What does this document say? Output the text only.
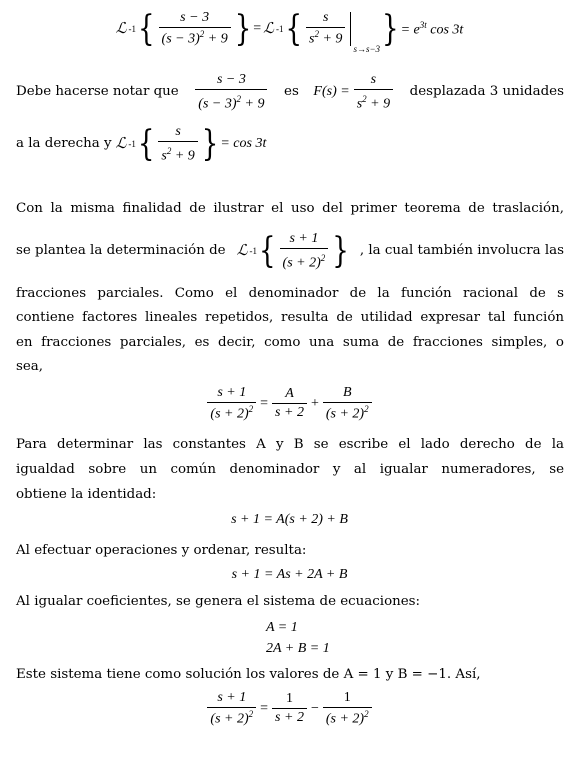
ℒ -1 { $\frac{s - 3}{(s - 3)^2 + 9}$ } = ℒ -1 { $\frac{s}{s^2 + 9}$
$_{s\to s-3}$ } = $e^{3t}$ cos 3t
Debe hacerse notar que $\frac{s - 3}{(s - 3)^2 + 9}$ es $F(s) = \frac{s}{s^2 + 9}$ desplazada 3 unidades
a la derecha y ℒ -1 { $\frac{s}{s^2 + 9}$ } = cos 3t
Con la misma finalidad de ilustrar el uso del primer teorema de traslación,
se plantea la determinación de ℒ -1 { $\frac{s + 1}{(s + 2)^2}$ } , la cual también involucra las
fracciones parciales. Como el denominador de la función racional de s
contiene factores lineales repetidos, resulta de utilidad expresar tal función
en fracciones parciales, es decir, como una suma de fracciones simples, o
sea,
$\frac{s + 1}{(s + 2)^2} = \frac{A}{s + 2} + \frac{B}{(s + 2)^2}$
Para determinar las constantes A y B se escribe el lado derecho de la
igualdad sobre un común denominador y al igualar numeradores, se
obtiene la identidad:
s + 1 = A(s + 2) + B
Al efectuar operaciones y ordenar, resulta:
s + 1 = As + 2A + B
Al igualar coeficientes, se genera el sistema de ecuaciones:
A = 1
2A + B = 1
Este sistema tiene como solución los valores de A = 1 y B = −1. Así,
$\frac{s + 1}{(s + 2)^2} = \frac{1}{s + 2} - \frac{1}{(s + 2)^2}$
